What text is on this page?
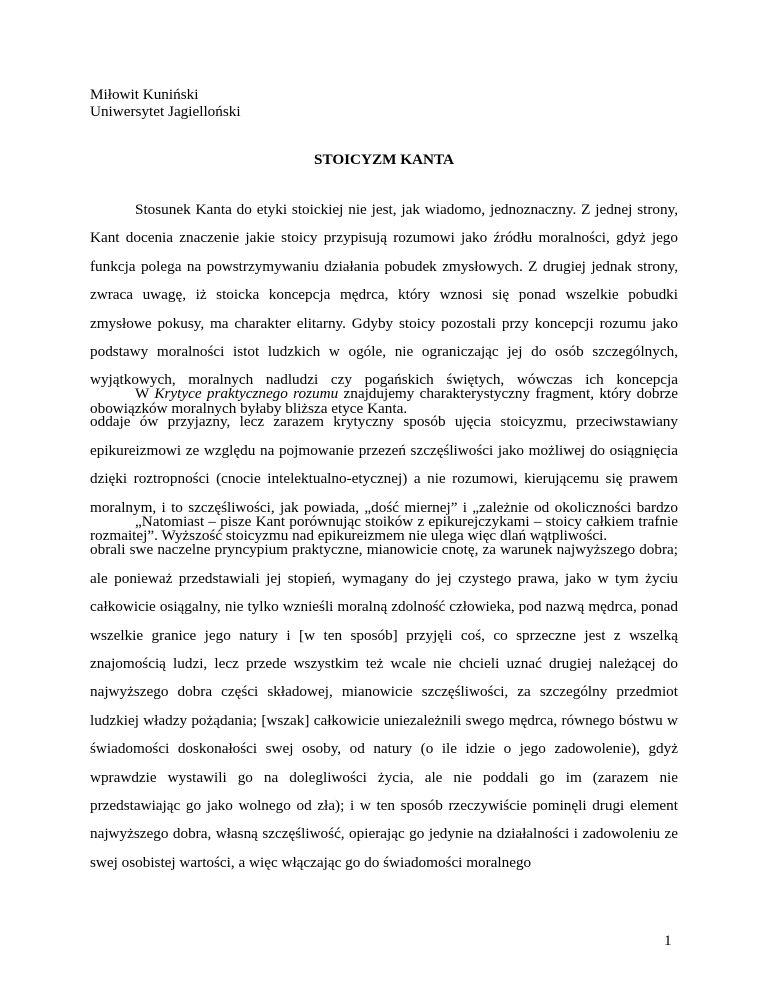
Miłowit Kuniński
Uniwersytet Jagielloński
STOICYZM KANTA

Stosunek Kanta do etyki stoickiej nie jest, jak wiadomo, jednoznaczny. Z jednej strony, Kant docenia znaczenie jakie stoicy przypisują rozumowi jako źródłu moralności, gdyż jego funkcja polega na powstrzymywaniu działania pobudek zmysłowych. Z drugiej jednak strony, zwraca uwagę, iż stoicka koncepcja mędrca, który wznosi się ponad wszelkie pobudki zmysłowe pokusy, ma charakter elitarny. Gdyby stoicy pozostali przy koncepcji rozumu jako podstawy moralności istot ludzkich w ogóle, nie ograniczając jej do osób szczególnych, wyjątkowych, moralnych nadludzi czy pogańskich świętych, wówczas ich koncepcja obowiązków moralnych byłaby bliższa etyce Kanta.

W Krytyce praktycznego rozumu znajdujemy charakterystyczny fragment, który dobrze oddaje ów przyjazny, lecz zarazem krytyczny sposób ujęcia stoicyzmu, przeciwstawiany epikureizmowi ze względu na pojmowanie przezeń szczęśliwości jako możliwej do osiągnięcia dzięki roztropności (cnocie intelektualno-etycznej) a nie rozumowi, kierującemu się prawem moralnym, i to szczęśliwości, jak powiada, „dość miernej” i „zależnie od okoliczności bardzo rozmaitej”. Wyższość stoicyzmu nad epikureizmem nie ulega więc dlań wątpliwości.

„Natomiast – pisze Kant porównując stoików z epikurejczykami – stoicy całkiem trafnie obrali swe naczelne pryncypium praktyczne, mianowicie cnotę, za warunek najwyższego dobra; ale ponieważ przedstawiali jej stopień, wymagany do jej czystego prawa, jako w tym życiu całkowicie osiągalny, nie tylko wznieśli moralną zdolność człowieka, pod nazwą mędrca, ponad wszelkie granice jego natury i [w ten sposób] przyjęli coś, co sprzeczne jest z wszelką znajomością ludzi, lecz przede wszystkim też wcale nie chcieli uznać drugiej należącej do najwyższego dobra części składowej, mianowicie szczęśliwości, za szczególny przedmiot ludzkiej władzy pożądania; [wszak] całkowicie uniezależnili swego mędrca, równego bóstwu w świadomości doskonałości swej osoby, od natury (o ile idzie o jego zadowolenie), gdyż wprawdzie wystawili go na dolegliwości życia, ale nie poddali go im (zarazem nie przedstawiając go jako wolnego od zła); i w ten sposób rzeczywiście pominęli drugi element najwyższego dobra, własną szczęśliwość, opierając go jedynie na działalności i zadowoleniu ze swej osobistej wartości, a więc włączając go do świadomości moralnego

1
